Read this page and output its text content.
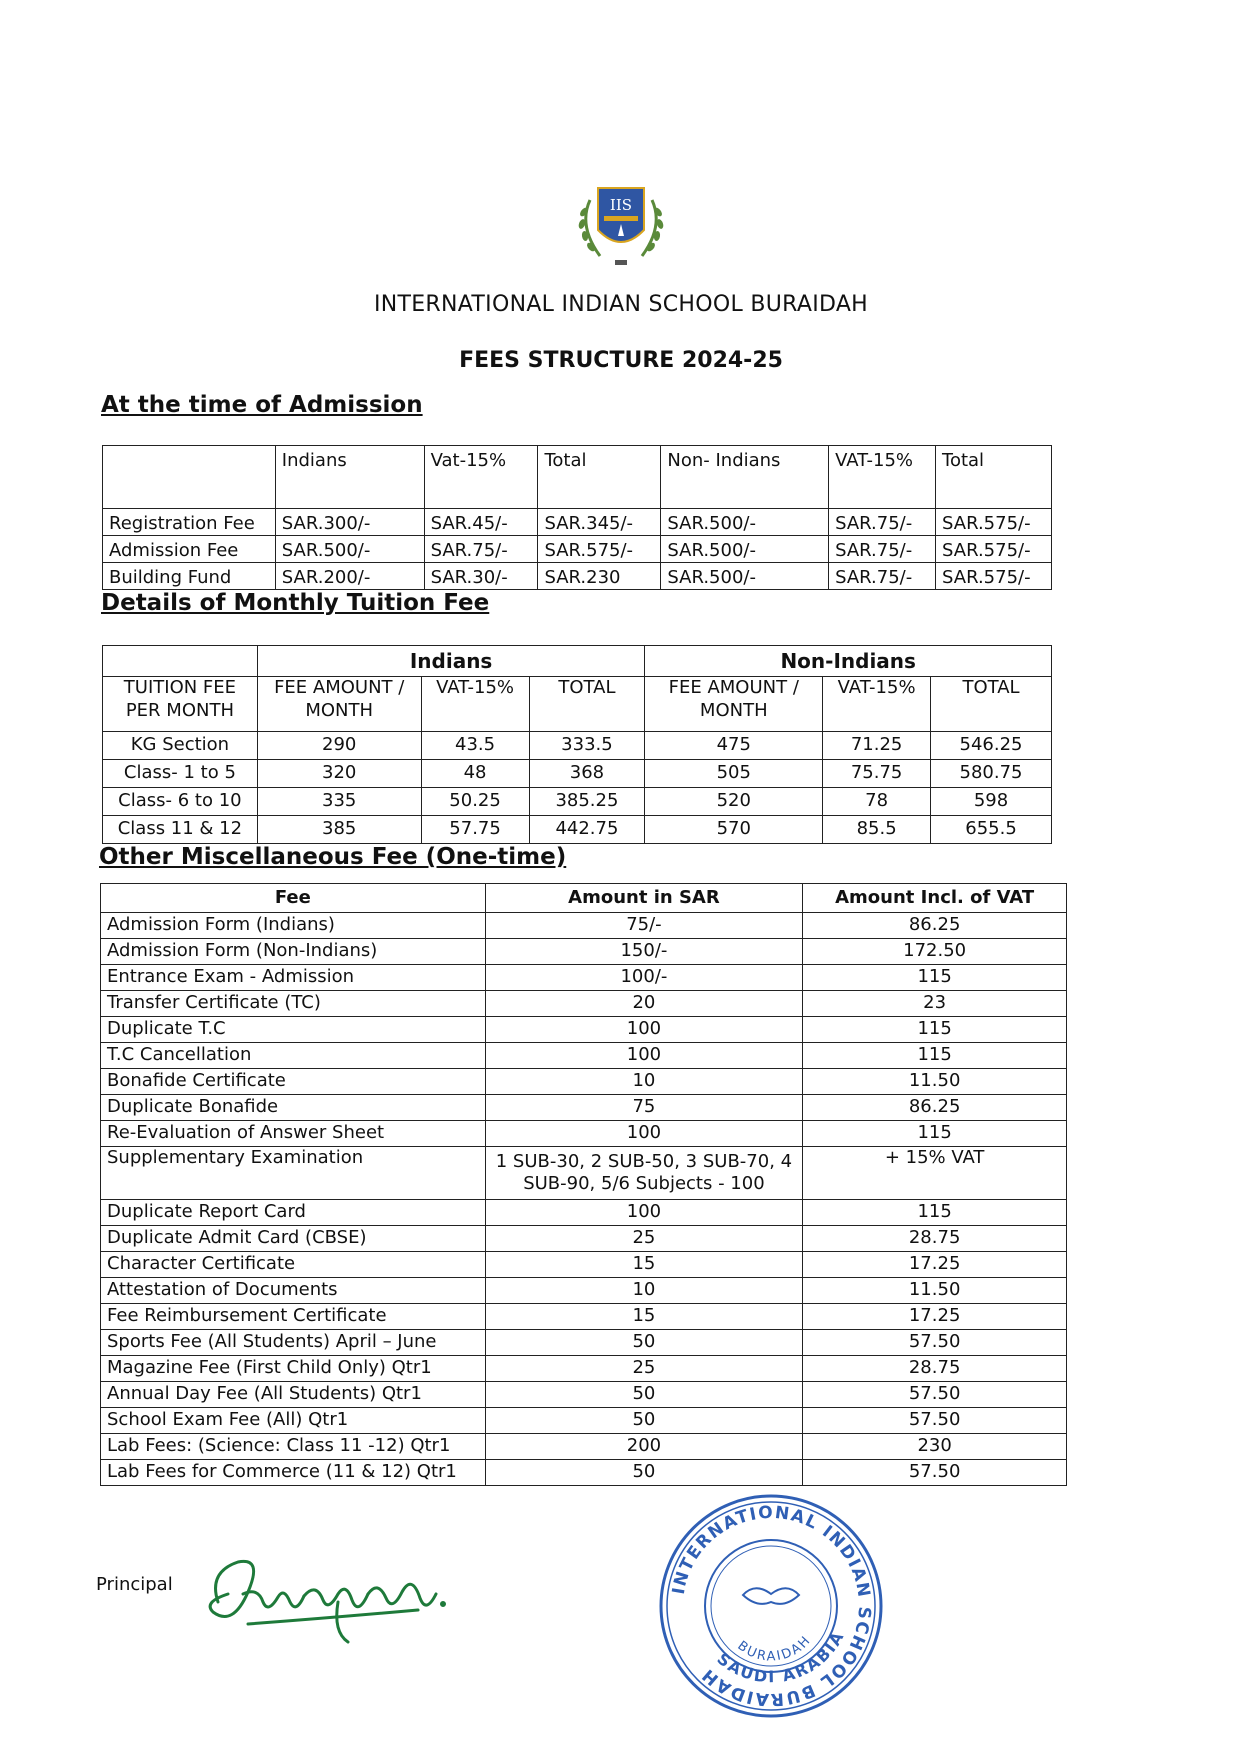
IIS
INTERNATIONAL INDIAN SCHOOL BURAIDAH
FEES STRUCTURE 2024-25
At the time of Admission
	Indians	Vat-15%	Total	Non- Indians	VAT-15%	Total
Registration Fee	SAR.300/-	SAR.45/-	SAR.345/-	SAR.500/-	SAR.75/-	SAR.575/-
Admission Fee	SAR.500/-	SAR.75/-	SAR.575/-	SAR.500/-	SAR.75/-	SAR.575/-
Building Fund	SAR.200/-	SAR.30/-	SAR.230	SAR.500/-	SAR.75/-	SAR.575/-
Details of Monthly Tuition Fee
	Indians			Non-Indians		
TUITION FEE PER MONTH	FEE AMOUNT / MONTH	VAT-15%	TOTAL	FEE AMOUNT / MONTH	VAT-15%	TOTAL
KG Section	290	43.5	333.5	475	71.25	546.25
Class- 1 to 5	320	48	368	505	75.75	580.75
Class- 6 to 10	335	50.25	385.25	520	78	598
Class 11 & 12	385	57.75	442.75	570	85.5	655.5
Other Miscellaneous Fee (One-time)
Fee	Amount in SAR	Amount Incl. of VAT
Admission Form (Indians)	75/-	86.25
Admission Form (Non-Indians)	150/-	172.50
Entrance Exam - Admission	100/-	115
Transfer Certificate (TC)	20	23
Duplicate T.C	100	115
T.C Cancellation	100	115
Bonafide Certificate	10	11.50
Duplicate Bonafide	75	86.25
Re-Evaluation of Answer Sheet	100	115
Supplementary Examination	1 SUB-30, 2 SUB-50, 3 SUB-70, 4 SUB-90, 5/6 Subjects - 100	+ 15% VAT
Duplicate Report Card	100	115
Duplicate Admit Card (CBSE)	25	28.75
Character Certificate	15	17.25
Attestation of Documents	10	11.50
Fee Reimbursement Certificate	15	17.25
Sports Fee (All Students) April – June	50	57.50
Magazine Fee (First Child Only) Qtr1	25	28.75
Annual Day Fee (All Students) Qtr1	50	57.50
School Exam Fee (All) Qtr1	50	57.50
Lab Fees: (Science: Class 11 -12) Qtr1	200	230
Lab Fees for Commerce (11 & 12) Qtr1	50	57.50
Principal	INTERNATIONAL INDIAN SCHOOL BURAIDAH
SAUDI ARABIA
BURAIDAH
